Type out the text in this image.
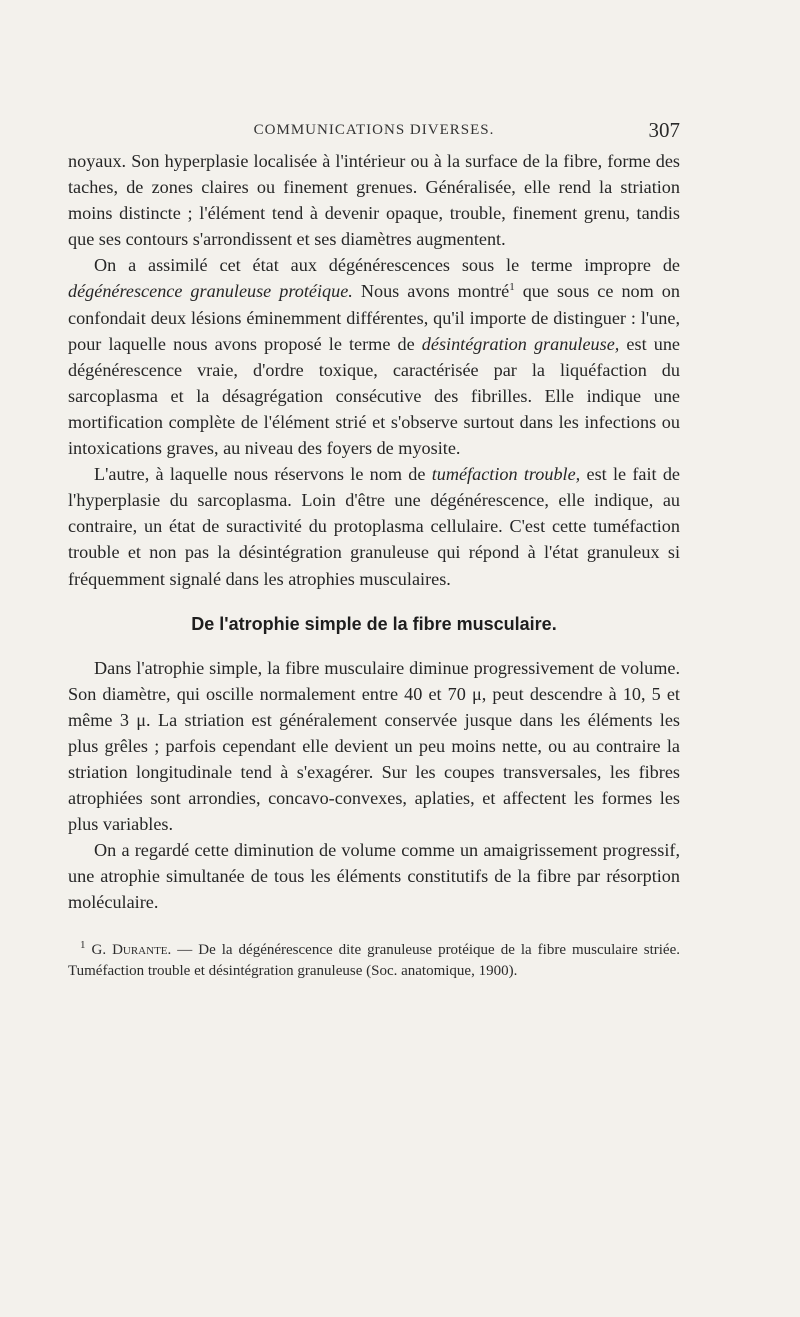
COMMUNICATIONS DIVERSES.	307

noyaux. Son hyperplasie localisée à l'intérieur ou à la surface de la fibre, forme des taches, de zones claires ou finement grenues. Généralisée, elle rend la striation moins distincte ; l'élément tend à devenir opaque, trouble, finement grenu, tandis que ses contours s'arrondissent et ses diamètres augmentent.

On a assimilé cet état aux dégénérescences sous le terme impropre de dégénérescence granuleuse protéique. Nous avons montré$^1$ que sous ce nom on confondait deux lésions éminemment différentes, qu'il importe de distinguer : l'une, pour laquelle nous avons proposé le terme de désintégration granuleuse, est une dégénérescence vraie, d'ordre toxique, caractérisée par la liquéfaction du sarcoplasma et la désagrégation consécutive des fibrilles. Elle indique une mortification complète de l'élément strié et s'observe surtout dans les infections ou intoxications graves, au niveau des foyers de myosite.

L'autre, à laquelle nous réservons le nom de tuméfaction trouble, est le fait de l'hyperplasie du sarcoplasma. Loin d'être une dégénérescence, elle indique, au contraire, un état de suractivité du protoplasma cellulaire. C'est cette tuméfaction trouble et non pas la désintégration granuleuse qui répond à l'état granuleux si fréquemment signalé dans les atrophies musculaires.

De l'atrophie simple de la fibre musculaire.

Dans l'atrophie simple, la fibre musculaire diminue progressivement de volume. Son diamètre, qui oscille normalement entre 40 et 70 μ, peut descendre à 10, 5 et même 3 μ. La striation est généralement conservée jusque dans les éléments les plus grêles ; parfois cependant elle devient un peu moins nette, ou au contraire la striation longitudinale tend à s'exagérer. Sur les coupes transversales, les fibres atrophiées sont arrondies, concavo-convexes, aplaties, et affectent les formes les plus variables.

On a regardé cette diminution de volume comme un amaigrissement progressif, une atrophie simultanée de tous les éléments constitutifs de la fibre par résorption moléculaire.

$^1$ G. Durante. — De la dégénérescence dite granuleuse protéique de la fibre musculaire striée. Tuméfaction trouble et désintégration granuleuse (Soc. anatomique, 1900).
